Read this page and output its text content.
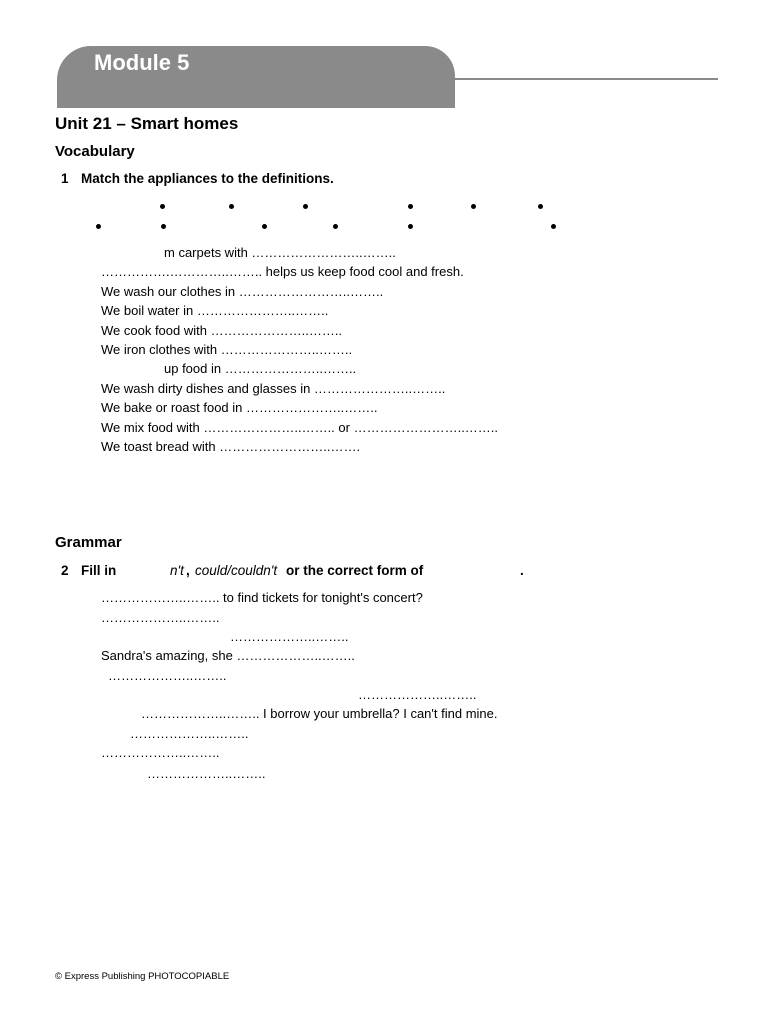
Module 5
Unit 21 – Smart homes
Vocabulary
1 Match the appliances to the definitions.
m carpets with ……………………..……..
…………….…………..…….. helps us keep food cool and fresh.
We wash our clothes in ……………………..……..
We boil water in …………………..……..
We cook food with …………………..……..
We iron clothes with …………………..……..
up food in …………………..……..
We wash dirty dishes and glasses in …………………..……..
We bake or roast food in …………………..……..
We mix food with …………………..…….. or ……………………..……..
We toast bread with ……………………..…….
Grammar
2 Fill in	n't , could/couldn't or the correct form of	.
………………..…….. to find tickets for tonight's concert?
………………..……..
………………..……..
Sandra's amazing, she ………………..……..
………………..……..
………………..……..
………………..…….. I borrow your umbrella? I can't find mine.
………………..……..
………………..……..
………………..……..
© Express Publishing PHOTOCOPIABLE
